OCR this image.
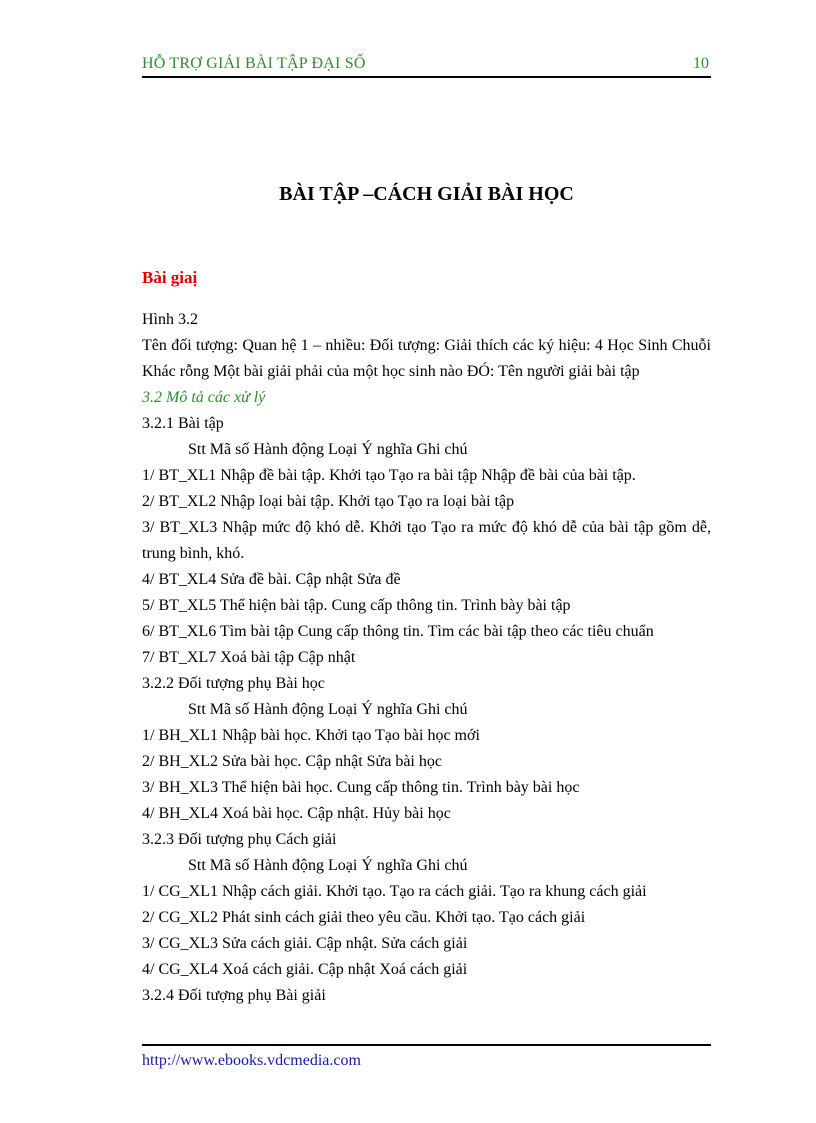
HỖ TRỢ GIẢI BÀI TẬP ĐẠI SỐ	10
BÀI TẬP –CÁCH GIẢI BÀI HỌC
Bài giaị

Hình 3.2

Tên đối tượng: Quan hệ 1 – nhiều: Đối tượng: Giải thích các ký hiệu: 4 Học Sinh Chuỗi Khác rỗng Một bài giải phải của một học sinh nào ĐÓ: Tên người giải bài tập

3.2 Mô tả các xử lý

3.2.1 Bài tập

Stt Mã số Hành động Loại Ý nghĩa Ghi chú

1/ BT_XL1 Nhập đề bài tập. Khởi tạo Tạo ra bài tập Nhập đề bài của bài tập.

2/ BT_XL2 Nhập loại bài tập. Khởi tạo Tạo ra loại bài tập

3/ BT_XL3 Nhập mức độ khó dễ. Khởi tạo Tạo ra mức độ khó dễ của bài tập gồm dễ, trung bình, khó.

4/ BT_XL4 Sửa đề bài. Cập nhật Sửa đề

5/ BT_XL5 Thể hiện bài tập. Cung cấp thông tin. Trình bày bài tập

6/ BT_XL6 Tìm bài tập Cung cấp thông tin. Tìm các bài tập theo các tiêu chuẩn

7/ BT_XL7 Xoá bài tập Cập nhật

3.2.2 Đối tượng phụ Bài học

Stt Mã số Hành động Loại Ý nghĩa Ghi chú

1/ BH_XL1 Nhập bài học. Khởi tạo Tạo bài học mới

2/ BH_XL2 Sửa bài học. Cập nhật Sửa bài học

3/ BH_XL3 Thể hiện bài học. Cung cấp thông tin. Trình bày bài học

4/ BH_XL4 Xoá bài học. Cập nhật. Hủy bài học

3.2.3 Đối tượng phụ Cách giải

Stt Mã số Hành động Loại Ý nghĩa Ghi chú

1/ CG_XL1 Nhập cách giải. Khởi tạo. Tạo ra cách giải. Tạo ra khung cách giải

2/ CG_XL2 Phát sinh cách giải theo yêu cầu. Khởi tạo. Tạo cách giải

3/ CG_XL3 Sửa cách giải. Cập nhật. Sửa cách giải

4/ CG_XL4 Xoá cách giải. Cập nhật Xoá cách giải

3.2.4 Đối tượng phụ Bài giải

http://www.ebooks.vdcmedia.com
